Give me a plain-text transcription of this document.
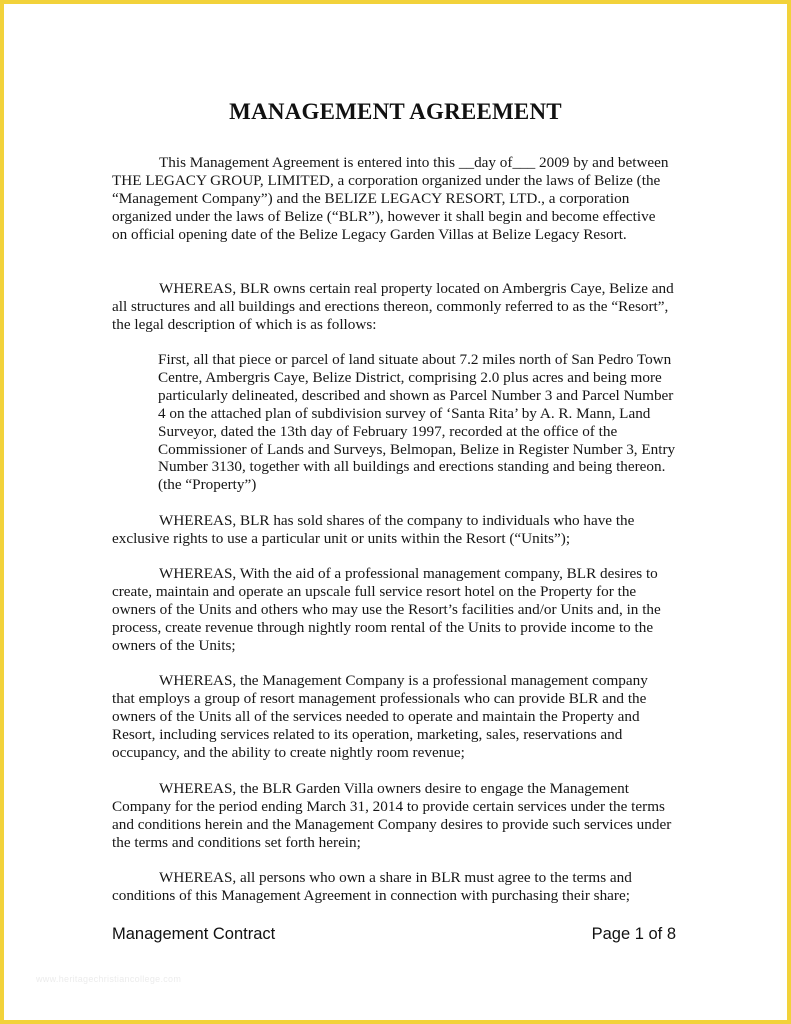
MANAGEMENT AGREEMENT

This Management Agreement is entered into this __day of___ 2009 by and between THE LEGACY GROUP, LIMITED, a corporation organized under the laws of Belize (the “Management Company”) and the BELIZE LEGACY RESORT, LTD., a corporation organized under the laws of Belize (“BLR”), however it shall begin and become effective on official opening date of the Belize Legacy Garden Villas at Belize Legacy Resort.

WHEREAS, BLR owns certain real property located on Ambergris Caye, Belize and all structures and all buildings and erections thereon, commonly referred to as the “Resort”, the legal description of which is as follows:

First, all that piece or parcel of land situate about 7.2 miles north of San Pedro Town Centre, Ambergris Caye, Belize District, comprising 2.0 plus acres and being more particularly delineated, described and shown as Parcel Number 3 and Parcel Number 4 on the attached plan of subdivision survey of ‘Santa Rita’ by A. R. Mann, Land Surveyor, dated the 13th day of February 1997, recorded at the office of the Commissioner of Lands and Surveys, Belmopan, Belize in Register Number 3, Entry Number 3130, together with all buildings and erections standing and being thereon. (the “Property”)

WHEREAS, BLR has sold shares of the company to individuals who have the exclusive rights to use a particular unit or units within the Resort (“Units”);

WHEREAS, With the aid of a professional management company, BLR desires to create, maintain and operate an upscale full service resort hotel on the Property for the owners of the Units and others who may use the Resort’s facilities and/or Units and, in the process, create revenue through nightly room rental of the Units to provide income to the owners of the Units;

WHEREAS, the Management Company is a professional management company that employs a group of resort management professionals who can provide BLR and the owners of the Units all of the services needed to operate and maintain the Property and Resort, including services related to its operation, marketing, sales, reservations and occupancy, and the ability to create nightly room revenue;

WHEREAS, the BLR Garden Villa owners desire to engage the Management Company for the period ending March 31, 2014 to provide certain services under the terms and conditions herein and the Management Company desires to provide such services under the terms and conditions set forth herein;

WHEREAS, all persons who own a share in BLR must agree to the terms and conditions of this Management Agreement in connection with purchasing their share;

Management Contract	Page 1 of 8
www.heritagechristiancollege.com
